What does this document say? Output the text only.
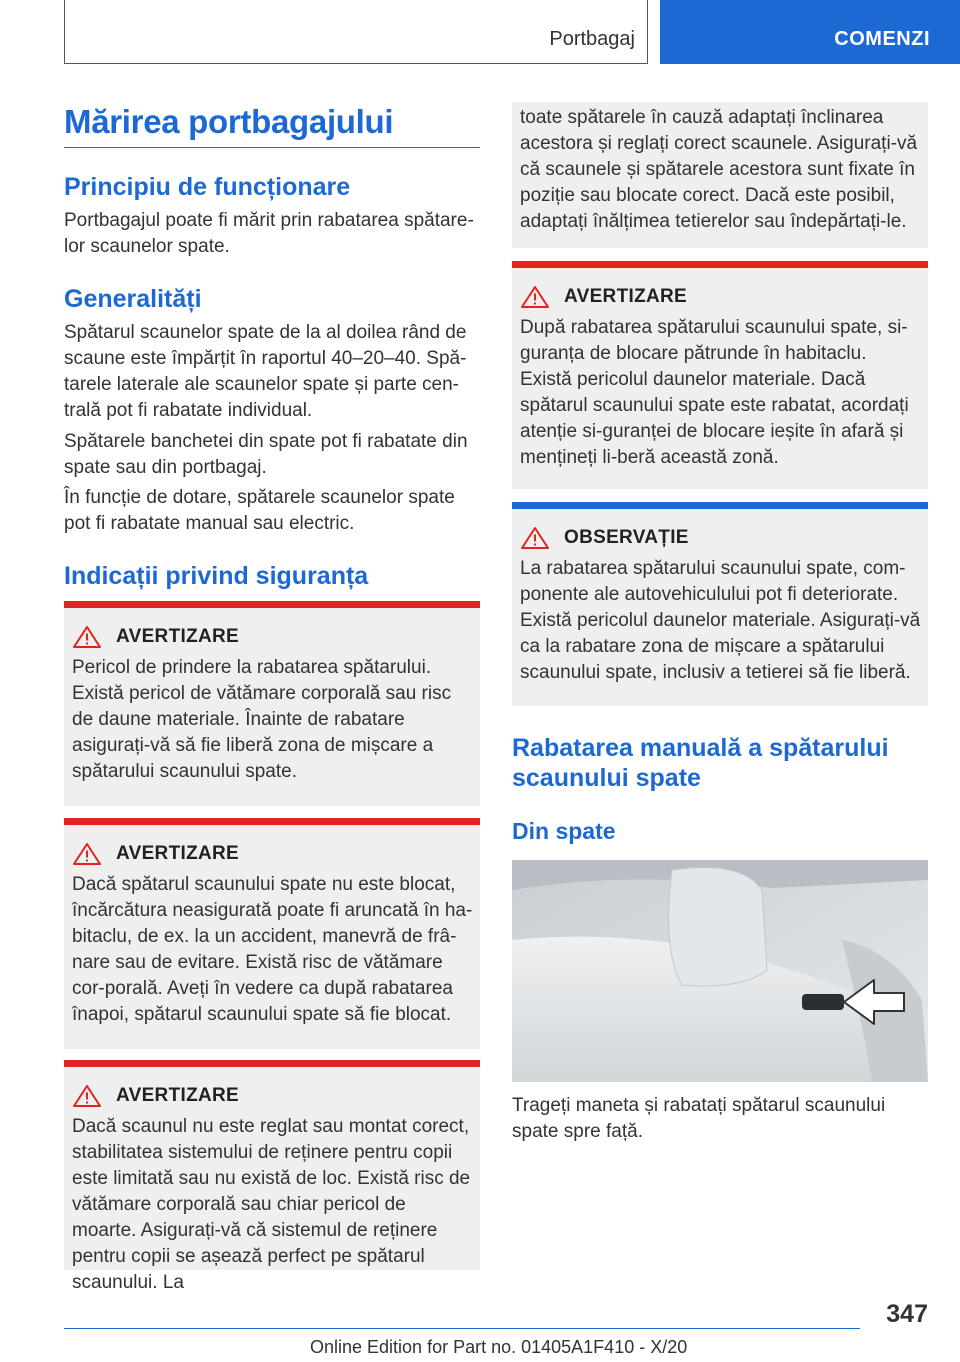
Portbagaj	COMENZI
Mărirea portbagajului
Principiu de funcționare

Portbagajul poate fi mărit prin rabatarea spătare-lor scaunelor spate.

Generalități

Spătarul scaunelor spate de la al doilea rând de scaune este împărțit în raportul 40–20–40. Spă-tarele laterale ale scaunelor spate și parte cen-trală pot fi rabatate individual.

Spătarele banchetei din spate pot fi rabatate din spate sau din portbagaj.

În funcție de dotare, spătarele scaunelor spate pot fi rabatate manual sau electric.

Indicații privind siguranța
AVERTIZARE

Pericol de prindere la rabatarea spătarului. Există pericol de vătămare corporală sau risc de daune materiale. Înainte de rabatare asigurați-vă să fie liberă zona de mișcare a spătarului scaunului spate.

AVERTIZARE

Dacă spătarul scaunului spate nu este blocat, încărcătura neasigurată poate fi aruncată în ha-bitaclu, de ex. la un accident, manevră de frâ-nare sau de evitare. Există risc de vătămare cor-porală. Aveți în vedere ca după rabatarea înapoi, spătarul scaunului spate să fie blocat.

AVERTIZARE

Dacă scaunul nu este reglat sau montat corect, stabilitatea sistemului de reținere pentru copii este limitată sau nu există de loc. Există risc de vătămare corporală sau chiar pericol de moarte. Asigurați-vă că sistemul de reținere pentru copii se așează perfect pe spătarul scaunului. La

toate spătarele în cauză adaptați înclinarea acestora și reglați corect scaunele. Asigurați-vă că scaunele și spătarele acestora sunt fixate în poziție sau blocate corect. Dacă este posibil, adaptați înălțimea tetierelor sau îndepărtați-le.

AVERTIZARE

După rabatarea spătarului scaunului spate, si-guranța de blocare pătrunde în habitaclu. Există pericolul daunelor materiale. Dacă spătarul scaunului spate este rabatat, acordați atenție si-guranței de blocare ieșite în afară și mențineți li-beră această zonă.

OBSERVAȚIE

La rabatarea spătarului scaunului spate, com-ponente ale autovehiculului pot fi deteriorate. Există pericolul daunelor materiale. Asigurați-vă ca la rabatare zona de mișcare a spătarului scaunului spate, inclusiv a tetierei să fie liberă.

Rabatarea manuală a spătarului scaunului spate
Din spate

Trageți maneta și rabatați spătarul scaunului spate spre față.

347
Online Edition for Part no. 01405A1F410 - X/20
